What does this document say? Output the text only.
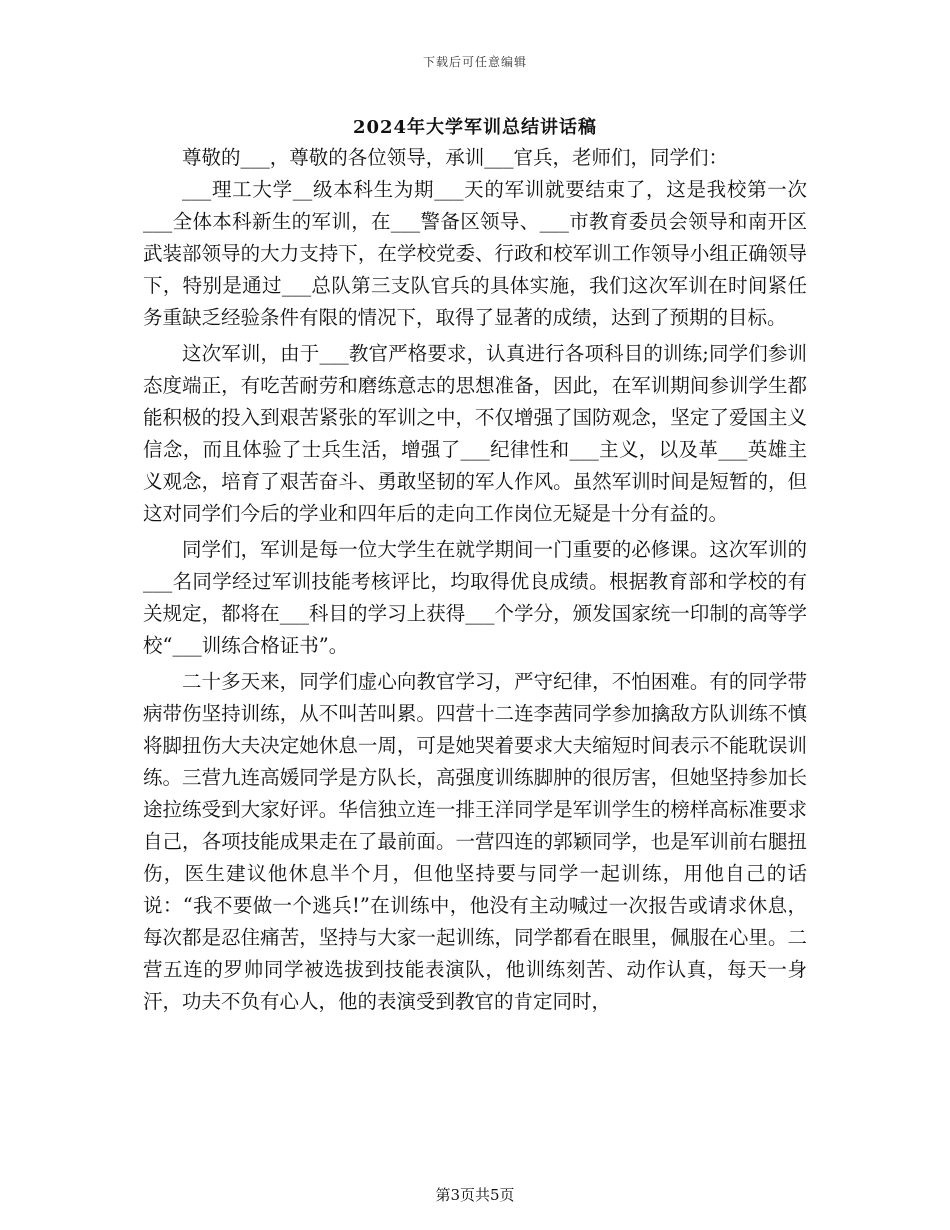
下载后可任意编辑
2024年大学军训总结讲话稿

尊敬的___，尊敬的各位领导，承训___官兵，老师们，同学们：

___理工大学__级本科生为期___天的军训就要结束了，这是我校第一次___全体本科新生的军训，在___警备区领导、___市教育委员会领导和南开区武装部领导的大力支持下，在学校党委、行政和校军训工作领导小组正确领导下，特别是通过___总队第三支队官兵的具体实施，我们这次军训在时间紧任务重缺乏经验条件有限的情况下，取得了显著的成绩，达到了预期的目标。

这次军训，由于___教官严格要求，认真进行各项科目的训练;同学们参训态度端正，有吃苦耐劳和磨练意志的思想准备，因此，在军训期间参训学生都能积极的投入到艰苦紧张的军训之中，不仅增强了国防观念，坚定了爱国主义信念，而且体验了士兵生活，增强了___纪律性和___主义，以及革___英雄主义观念，培育了艰苦奋斗、勇敢坚韧的军人作风。虽然军训时间是短暂的，但这对同学们今后的学业和四年后的走向工作岗位无疑是十分有益的。

同学们，军训是每一位大学生在就学期间一门重要的必修课。这次军训的___名同学经过军训技能考核评比，均取得优良成绩。根据教育部和学校的有关规定，都将在___科目的学习上获得___个学分，颁发国家统一印制的高等学校“___训练合格证书”。

二十多天来，同学们虚心向教官学习，严守纪律，不怕困难。有的同学带病带伤坚持训练，从不叫苦叫累。四营十二连李茜同学参加擒敌方队训练不慎将脚扭伤大夫决定她休息一周，可是她哭着要求大夫缩短时间表示不能耽误训练。三营九连高媛同学是方队长，高强度训练脚肿的很厉害，但她坚持参加长途拉练受到大家好评。华信独立连一排王洋同学是军训学生的榜样高标准要求自己，各项技能成果走在了最前面。一营四连的郭颖同学，也是军训前右腿扭伤，医生建议他休息半个月，但他坚持要与同学一起训练，用他自己的话说：“我不要做一个逃兵!”在训练中，他没有主动喊过一次报告或请求休息，每次都是忍住痛苦，坚持与大家一起训练，同学都看在眼里，佩服在心里。二营五连的罗帅同学被选拔到技能表演队，他训练刻苦、动作认真，每天一身汗，功夫不负有心人，他的表演受到教官的肯定同时，

第3页共5页
